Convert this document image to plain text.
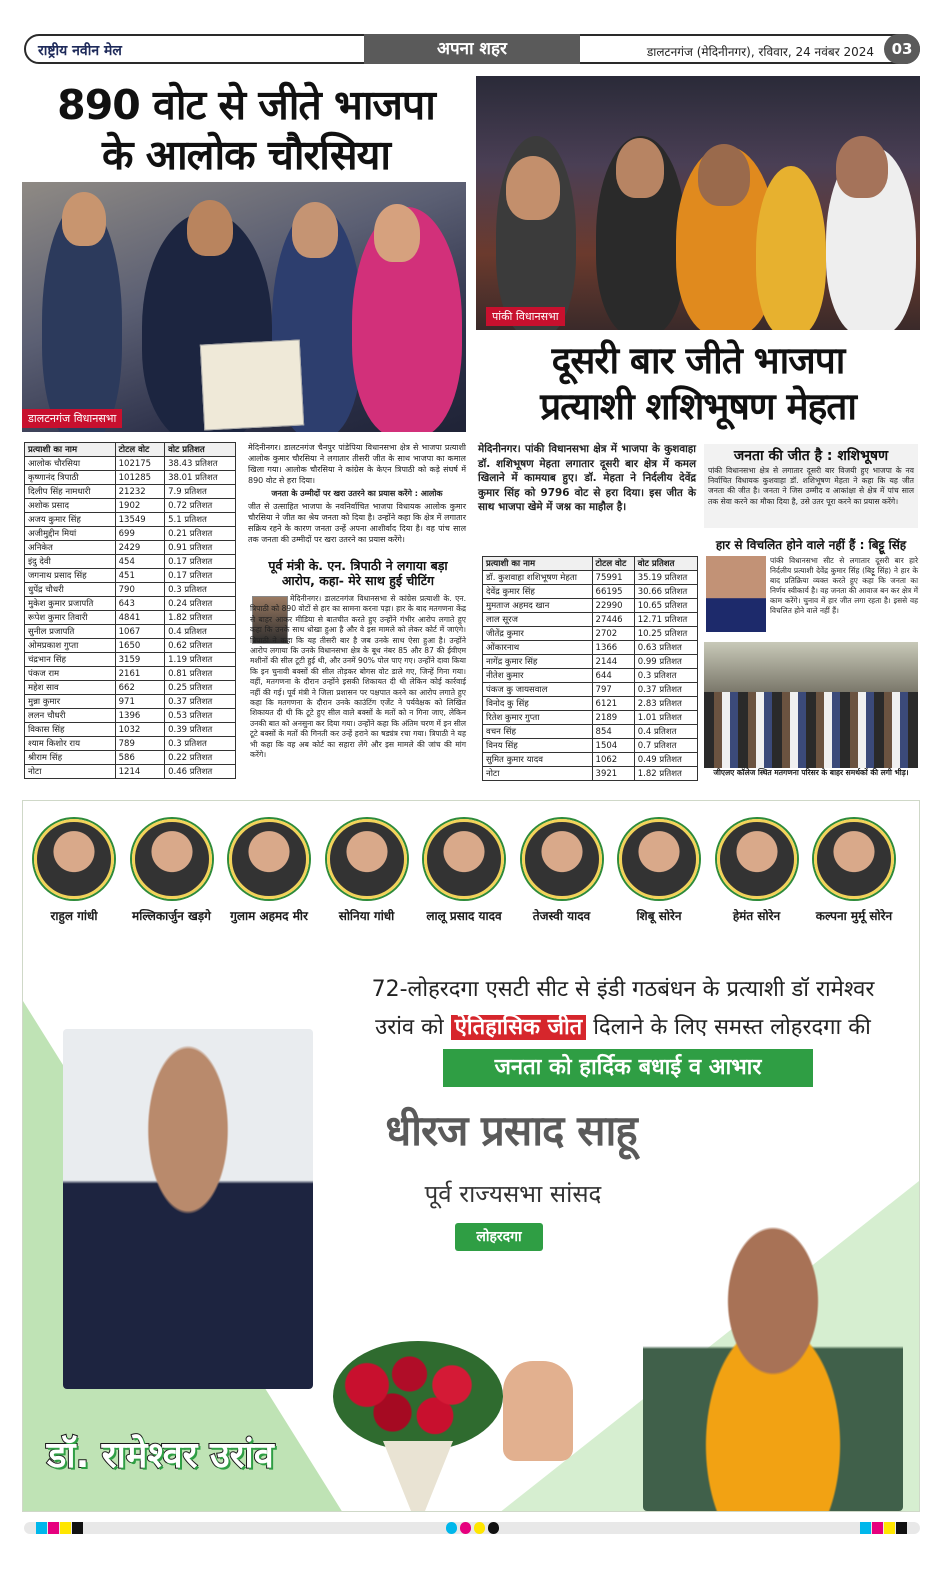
राष्ट्रीय नवीन मेल	अपना शहर	डालटनगंज (मेदिनीनगर), रविवार, 24 नवंबर 2024	03
890 वोट से जीते भाजपा
के आलोक चौरसिया
डालटनगंज विधानसभा
प्रत्याशी का नाम	टोटल वोट	वोट प्रतिशत
आलोक चौरसिया	102175	38.43 प्रतिशत
कृष्णानंद त्रिपाठी	101285	38.01 प्रतिशत
दिलीप सिंह नामधारी	21232	7.9 प्रतिशत
अशोक प्रसाद	1902	0.72 प्रतिशत
अजय कुमार सिंह	13549	5.1 प्रतिशत
अजीमुद्दीन मियां	699	0.21 प्रतिशत
अनिकेत	2429	0.91 प्रतिशत
इंदु देवी	454	0.17 प्रतिशत
जगनाथ प्रसाद सिंह	451	0.17 प्रतिशत
धुपेंद्र चौधरी	790	0.3 प्रतिशत
मुकेश कुमार प्रजापति	643	0.24 प्रतिशत
रूपेश कुमार तिवारी	4841	1.82 प्रतिशत
सुनील प्रजापति	1067	0.4 प्रतिशत
ओमप्रकाश गुप्ता	1650	0.62 प्रतिशत
चंद्रभान सिंह	3159	1.19 प्रतिशत
पंकज राम	2161	0.81 प्रतिशत
महेश साव	662	0.25 प्रतिशत
मुन्ना कुमार	971	0.37 प्रतिशत
ललन चौधरी	1396	0.53 प्रतिशत
विकास सिंह	1032	0.39 प्रतिशत
श्याम किशोर राय	789	0.3 प्रतिशत
श्रीराम सिंह	586	0.22 प्रतिशत
नोटा	1214	0.46 प्रतिशत

मेदिनीनगर। डालटनगंज चैनपुर पांडेपिया विधानसभा क्षेत्र से भाजपा प्रत्याशी आलोक कुमार चौरसिया ने लगातार तीसरी जीत के साथ भाजपा का कमाल खिला गया। आलोक चौरसिया ने कांग्रेस के केएन त्रिपाठी को कड़े संघर्ष में 890 वोट से हरा दिया।

जनता के उम्मीदों पर खरा उतरने का प्रयास करेंगे : आलोक

जीत से उत्साहित भाजपा के नवनिर्वाचित भाजपा विधायक आलोक कुमार चौरसिया ने जीत का श्रेय जनता को दिया है। उन्होंने कहा कि क्षेत्र में लगातार सक्रिय रहने के कारण जनता उन्हें अपना आशीर्वाद दिया है। वह पांच साल तक जनता की उम्मीदों पर खरा उतरने का प्रयास करेंगे।

पूर्व मंत्री के. एन. त्रिपाठी ने लगाया बड़ा आरोप, कहा- मेरे साथ हुई चीटिंग
मेदिनीनगर। डालटनगंज विधानसभा से कांग्रेस प्रत्याशी के. एन. त्रिपाठी को 890 वोटों से हार का सामना करना पड़ा। हार के बाद मतगणना केंद्र से बाहर आकर मीडिया से बातचीत करते हुए उन्होंने गंभीर आरोप लगाते हुए कहा कि उनके साथ धोखा हुआ है और वे इस मामले को लेकर कोर्ट में जाएंगे। त्रिपाठी ने कहा कि यह तीसरी बार है जब उनके साथ ऐसा हुआ है। उन्होंने आरोप लगाया कि उनके विधानसभा क्षेत्र के बूथ नंबर 85 और 87 की ईवीएम मशीनों की सील टूटी हुई थी, और उनमें 90% पोल पाए गए। उन्होंने दावा किया कि इन चुनावी बक्सों की सील तोड़कर बोगस वोट डाले गए, जिन्हें गिना गया। वहीं, मतगणना के दौरान उन्होंने इसकी शिकायत दी थी लेकिन कोई कार्रवाई नहीं की गई। पूर्व मंत्री ने जिला प्रशासन पर पक्षपात करने का आरोप लगाते हुए कहा कि मतगणना के दौरान उनके काउंटिंग एजेंट ने पर्यवेक्षक को लिखित शिकायत दी थी कि टूटे हुए सील वाले बक्सों के मतों को न गिना जाए, लेकिन उनकी बात को अनसुना कर दिया गया। उन्होंने कहा कि अंतिम चरण में इन सील टूटे बक्सों के मतों की गिनती कर उन्हें हराने का षड्यंत्र रचा गया। त्रिपाठी ने यह भी कहा कि वह अब कोर्ट का सहारा लेंगे और इस मामले की जांच की मांग करेंगे।
पांकी विधानसभा
दूसरी बार जीते भाजपा
प्रत्याशी शशिभूषण मेहता
मेदिनीनगर। पांकी विधानसभा क्षेत्र में भाजपा के कुशवाहा डॉ. शशिभूषण मेहता लगातार दूसरी बार क्षेत्र में कमल खिलाने में कामयाब हुए। डॉ. मेहता ने निर्दलीय देवेंद्र कुमार सिंह को 9796 वोट से हरा दिया। इस जीत के साथ भाजपा खेमे में जश्न का माहौल है।
प्रत्याशी का नाम	टोटल वोट	वोट प्रतिशत
डॉ. कुशवाहा शशिभूषण मेहता	75991	35.19 प्रतिशत
देवेंद्र कुमार सिंह	66195	30.66 प्रतिशत
मुमताज अहमद खान	22990	10.65 प्रतिशत
लाल सूरज	27446	12.71 प्रतिशत
जीतेंद्र कुमार	2702	10.25 प्रतिशत
ओंकारनाथ	1366	0.63 प्रतिशत
नागेंद्र कुमार सिंह	2144	0.99 प्रतिशत
नीतेश कुमार	644	0.3 प्रतिशत
पंकज कु जायसवाल	797	0.37 प्रतिशत
विनोद कु सिंह	6121	2.83 प्रतिशत
रितेश कुमार गुप्ता	2189	1.01 प्रतिशत
वचन सिंह	854	0.4 प्रतिशत
विनय सिंह	1504	0.7 प्रतिशत
सुमित कुमार यादव	1062	0.49 प्रतिशत
नोटा	3921	1.82 प्रतिशत
जनता की जीत है : शशिभूषण
पांकी विधानसभा क्षेत्र से लगातार दूसरी बार विजयी हुए भाजपा के नव निर्वाचित विधायक कुशवाहा डॉ. शशिभूषण मेहता ने कहा कि यह जीत जनता की जीत है। जनता ने जिस उम्मीद व आकांक्षा से क्षेत्र में पांच साल तक सेवा करने का मौका दिया है, उसे उतर पूरा करने का प्रयास करेंगे।
हार से विचलित होने वाले नहीं हैं : बिट्टू सिंह
पांकी विधानसभा सीट से लगातार दूसरी बार हारे निर्दलीय प्रत्याशी देवेंद्र कुमार सिंह (बिट्टू सिंह) ने हार के बाद प्रतिक्रिया व्यक्त करते हुए कहा कि जनता का निर्णय स्वीकार्य है। वह जनता की आवाज बन कर क्षेत्र में काम करेंगे। चुनाव में हार जीत लगा रहता है। इससे वह विचलित होने वाले नहीं हैं।
जीएलए कॉलेज स्थित मतगणना परिसर के बाहर समर्थकों की लगी भीड़।
राहुल गांधी	मल्लिकार्जुन खड़गे	गुलाम अहमद मीर	सोनिया गांधी	लालू प्रसाद यादव	तेजस्वी यादव	शिबू सोरेन	हेमंत सोरेन	कल्पना मुर्मू सोरेन
72-लोहरदगा एसटी सीट से इंडी गठबंधन के प्रत्याशी डॉ रामेश्वर
उरांव को ऐतिहासिक जीत दिलाने के लिए समस्त लोहरदगा की
जनता को हार्दिक बधाई व आभार
धीरज प्रसाद साहू
पूर्व राज्यसभा सांसद
लोहरदगा
डॉ. रामेश्वर उरांव
